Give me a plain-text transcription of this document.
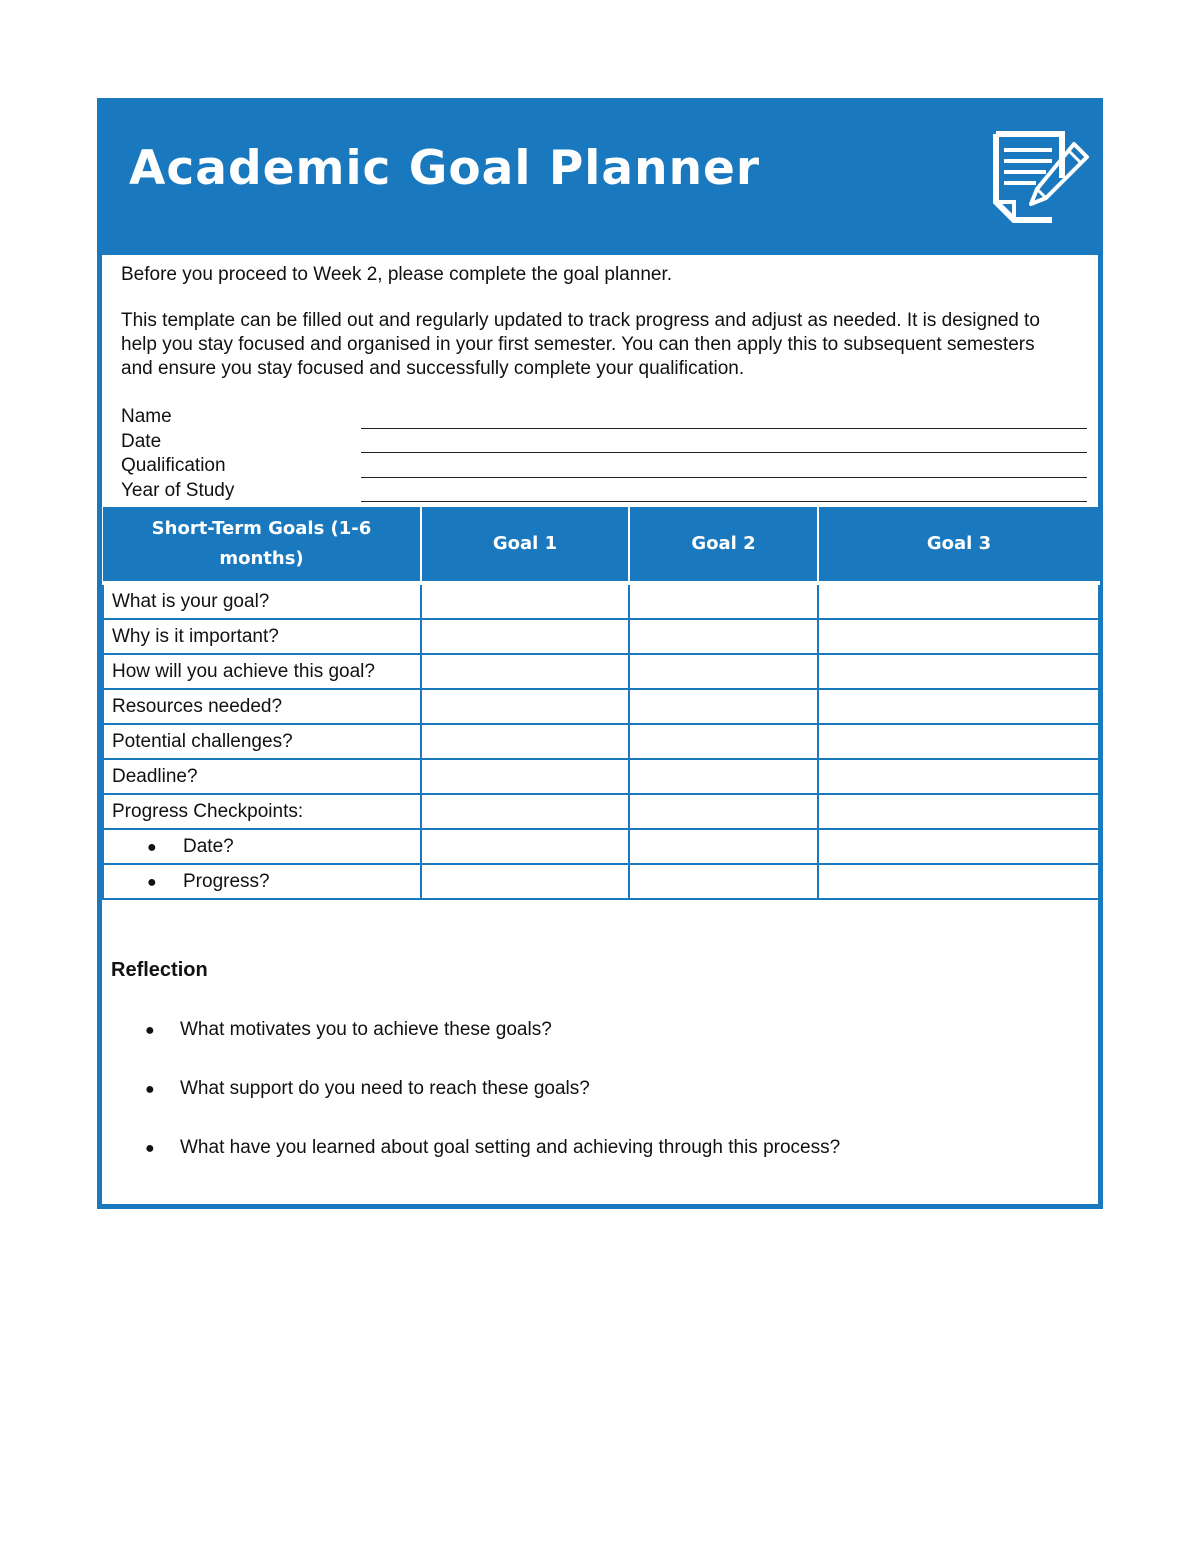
Academic Goal Planner

Before you proceed to Week 2, please complete the goal planner.

This template can be filled out and regularly updated to track progress and adjust as needed. It is designed to help you stay focused and organised in your first semester. You can then apply this to subsequent semesters and ensure you stay focused and successfully complete your qualification.

Name
Date
Qualification
Year of Study
Short-Term Goals (1-6 months)	Goal 1	Goal 2	Goal 3
What is your goal?			
Why is it important?			
How will you achieve this goal?			
Resources needed?			
Potential challenges?			
Deadline?			
Progress Checkpoints:			
● Date?			
● Progress?			
Reflection
● What motivates you to achieve these goals?
● What support do you need to reach these goals?
● What have you learned about goal setting and achieving through this process?
